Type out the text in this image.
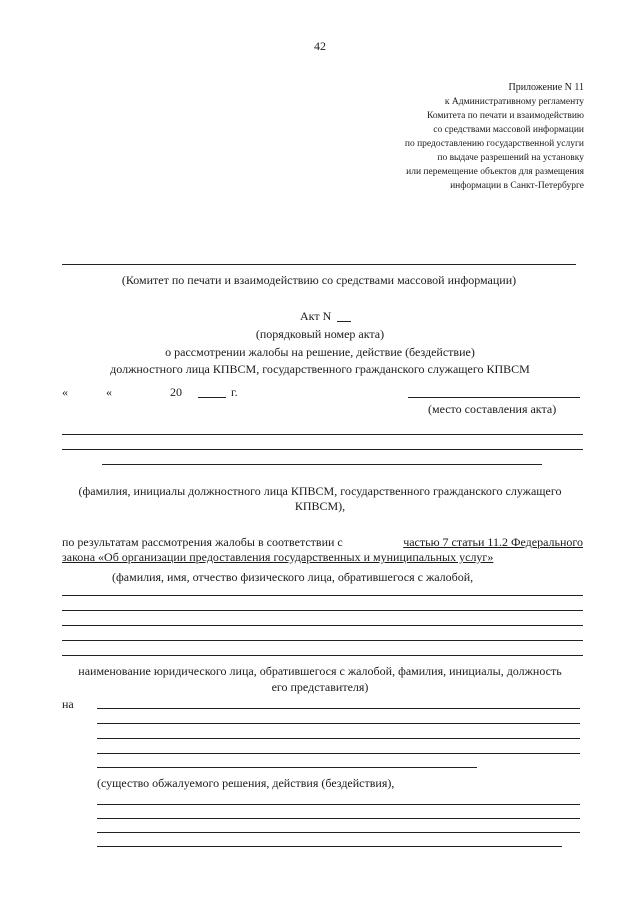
42
Приложение N 11
к Административному регламенту
Комитета по печати и взаимодействию
со средствами массовой информации
по предоставлению государственной услуги
по выдаче разрешений на установку
или перемещение объектов для размещения
информации в Санкт-Петербурге
(Комитет по печати и взаимодействию со средствами массовой информации)
Акт N
(порядковый номер акта)
о рассмотрении жалобы на решение, действие (бездействие)
должностного лица КПВСМ, государственного гражданского служащего КПВСМ
«	«	20	г.
(место составления акта)
(фамилия, инициалы должностного лица КПВСМ, государственного гражданского служащего
КПВСМ),
по результатам рассмотрения жалобы в соответствии с	частью 7 статьи 11.2 Федерального
закона «Об организации предоставления государственных и муниципальных услуг»
(фамилия, имя, отчество физического лица, обратившегося с жалобой,
наименование юридического лица, обратившегося с жалобой, фамилия, инициалы, должность
его представителя)
на
(существо обжалуемого решения, действия (бездействия),
